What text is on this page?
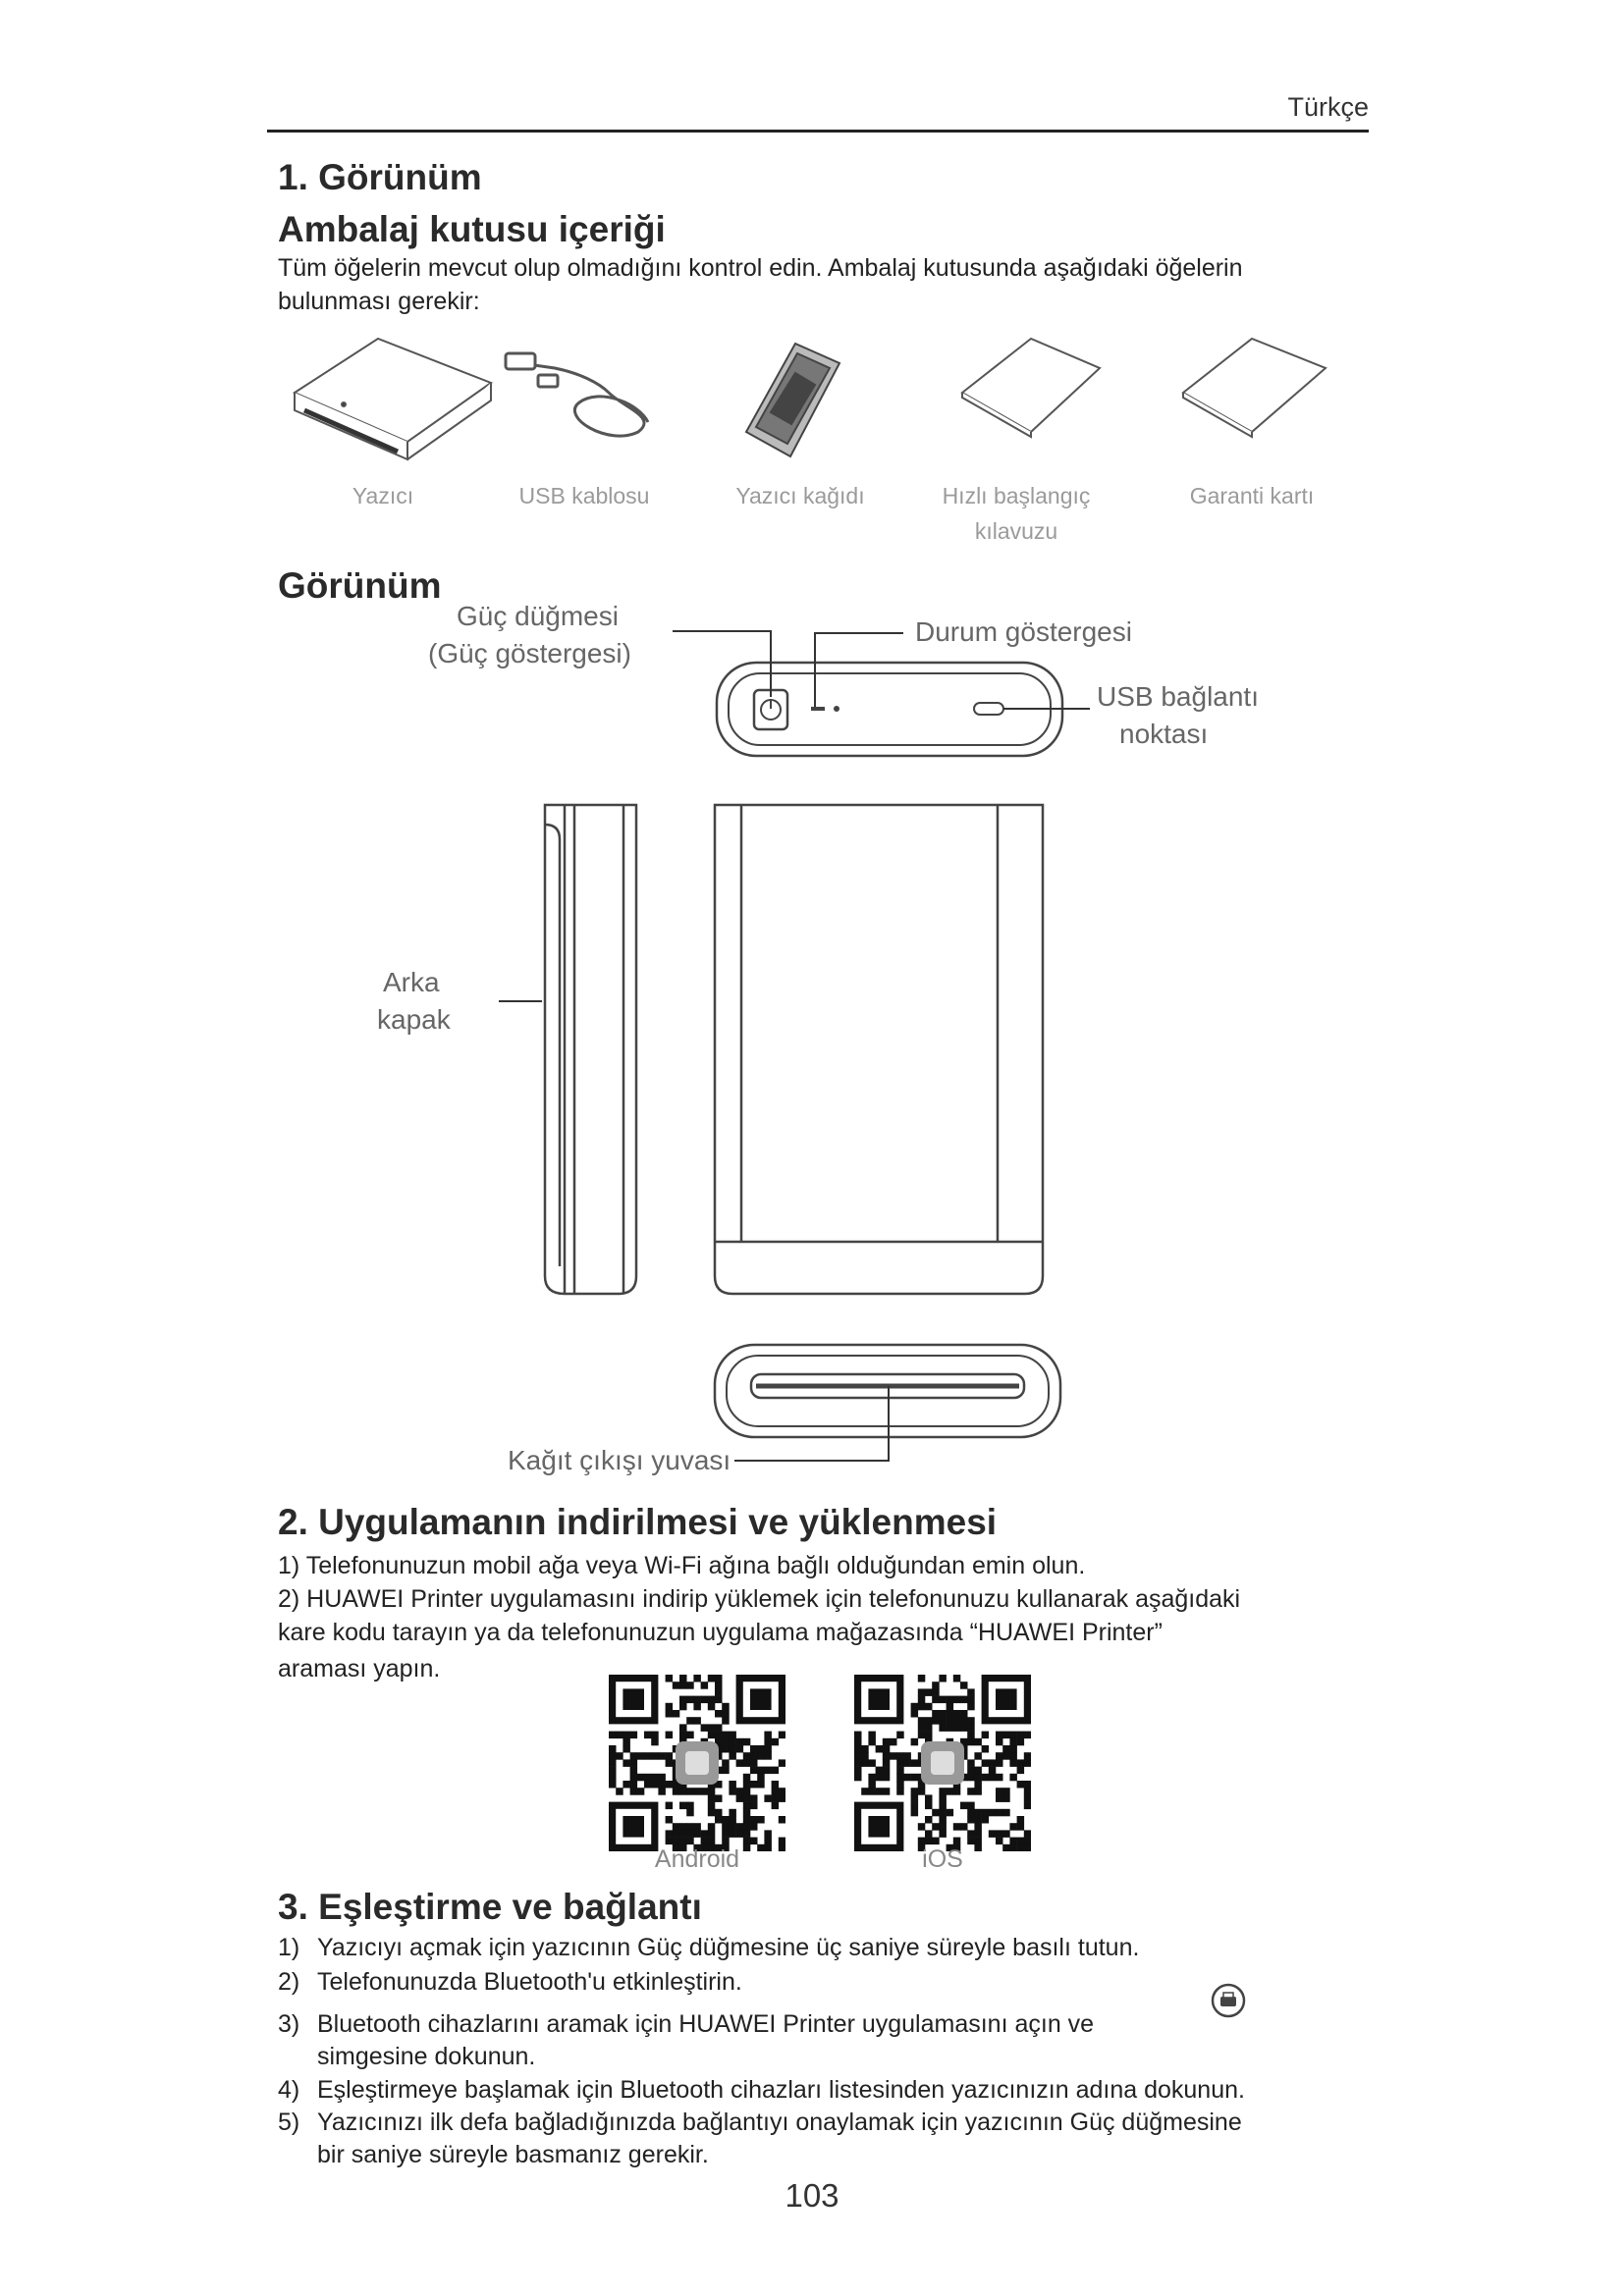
Türkçe
1. Görünüm
Ambalaj kutusu içeriği
Tüm öğelerin mevcut olup olmadığını kontrol edin. Ambalaj kutusunda aşağıdaki öğelerin
bulunması gerekir:
Yazıcı	USB kablosu	Yazıcı kağıdı	Hızlı başlangıç
kılavuzu
Garanti kartı
Görünüm
Güç düğmesi
(Güç göstergesi)
Durum göstergesi
USB bağlantı
noktası
Arka
kapak
Kağıt çıkışı yuvası
2. Uygulamanın indirilmesi ve yüklenmesi
1) Telefonunuzun mobil ağa veya Wi-Fi ağına bağlı olduğundan emin olun.
2) HUAWEI Printer uygulamasını indirip yüklemek için telefonunuzu kullanarak aşağıdaki
kare kodu tarayın ya da telefonunuzun uygulama mağazasında “HUAWEI Printer”
araması yapın.
Android	iOS
3. Eşleştirme ve bağlantı
1) Yazıcıyı açmak için yazıcının Güç düğmesine üç saniye süreyle basılı tutun.
2) Telefonunuzda Bluetooth'u etkinleştirin.
3) Bluetooth cihazlarını aramak için HUAWEI Printer uygulamasını açın ve
simgesine dokunun.
4) Eşleştirmeye başlamak için Bluetooth cihazları listesinden yazıcınızın adına dokunun.
5) Yazıcınızı ilk defa bağladığınızda bağlantıyı onaylamak için yazıcının Güç düğmesine
bir saniye süreyle basmanız gerekir.
103
